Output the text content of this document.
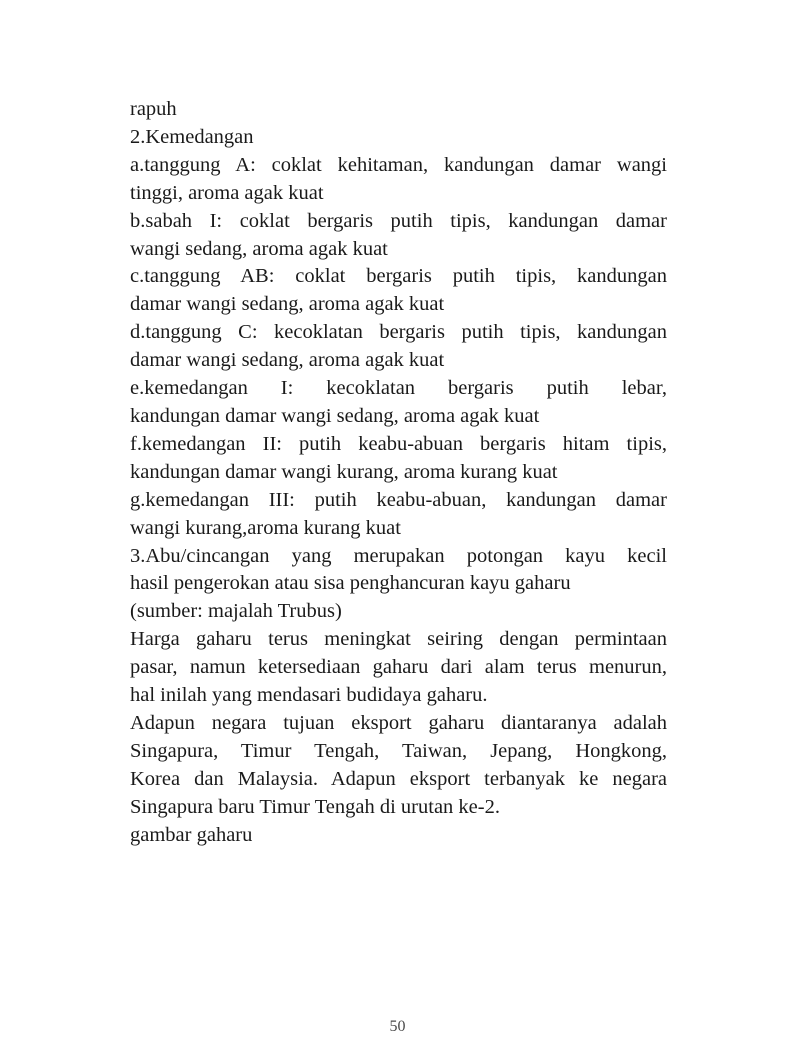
rapuh
2.Kemedangan
a.tanggung A: coklat kehitaman, kandungan damar wangi
tinggi, aroma agak kuat
b.sabah I: coklat bergaris putih tipis, kandungan damar
wangi sedang, aroma agak kuat
c.tanggung AB: coklat bergaris putih tipis, kandungan
damar wangi sedang, aroma agak kuat
d.tanggung C: kecoklatan bergaris putih tipis, kandungan
damar wangi sedang, aroma agak kuat
e.kemedangan I: kecoklatan bergaris putih lebar,
kandungan damar wangi sedang, aroma agak kuat
f.kemedangan II: putih keabu-abuan bergaris hitam tipis,
kandungan damar wangi kurang, aroma kurang kuat
g.kemedangan III: putih keabu-abuan, kandungan damar
wangi kurang,aroma kurang kuat
3.Abu/cincangan yang merupakan potongan kayu kecil
hasil pengerokan atau sisa penghancuran kayu gaharu
(sumber: majalah Trubus)
Harga gaharu terus meningkat seiring dengan permintaan
pasar, namun ketersediaan gaharu dari alam terus menurun,
hal inilah yang mendasari budidaya gaharu.
Adapun negara tujuan eksport gaharu diantaranya adalah
Singapura, Timur Tengah, Taiwan, Jepang, Hongkong,
Korea dan Malaysia. Adapun eksport terbanyak ke negara
Singapura baru Timur Tengah di urutan ke-2.
gambar gaharu
50
